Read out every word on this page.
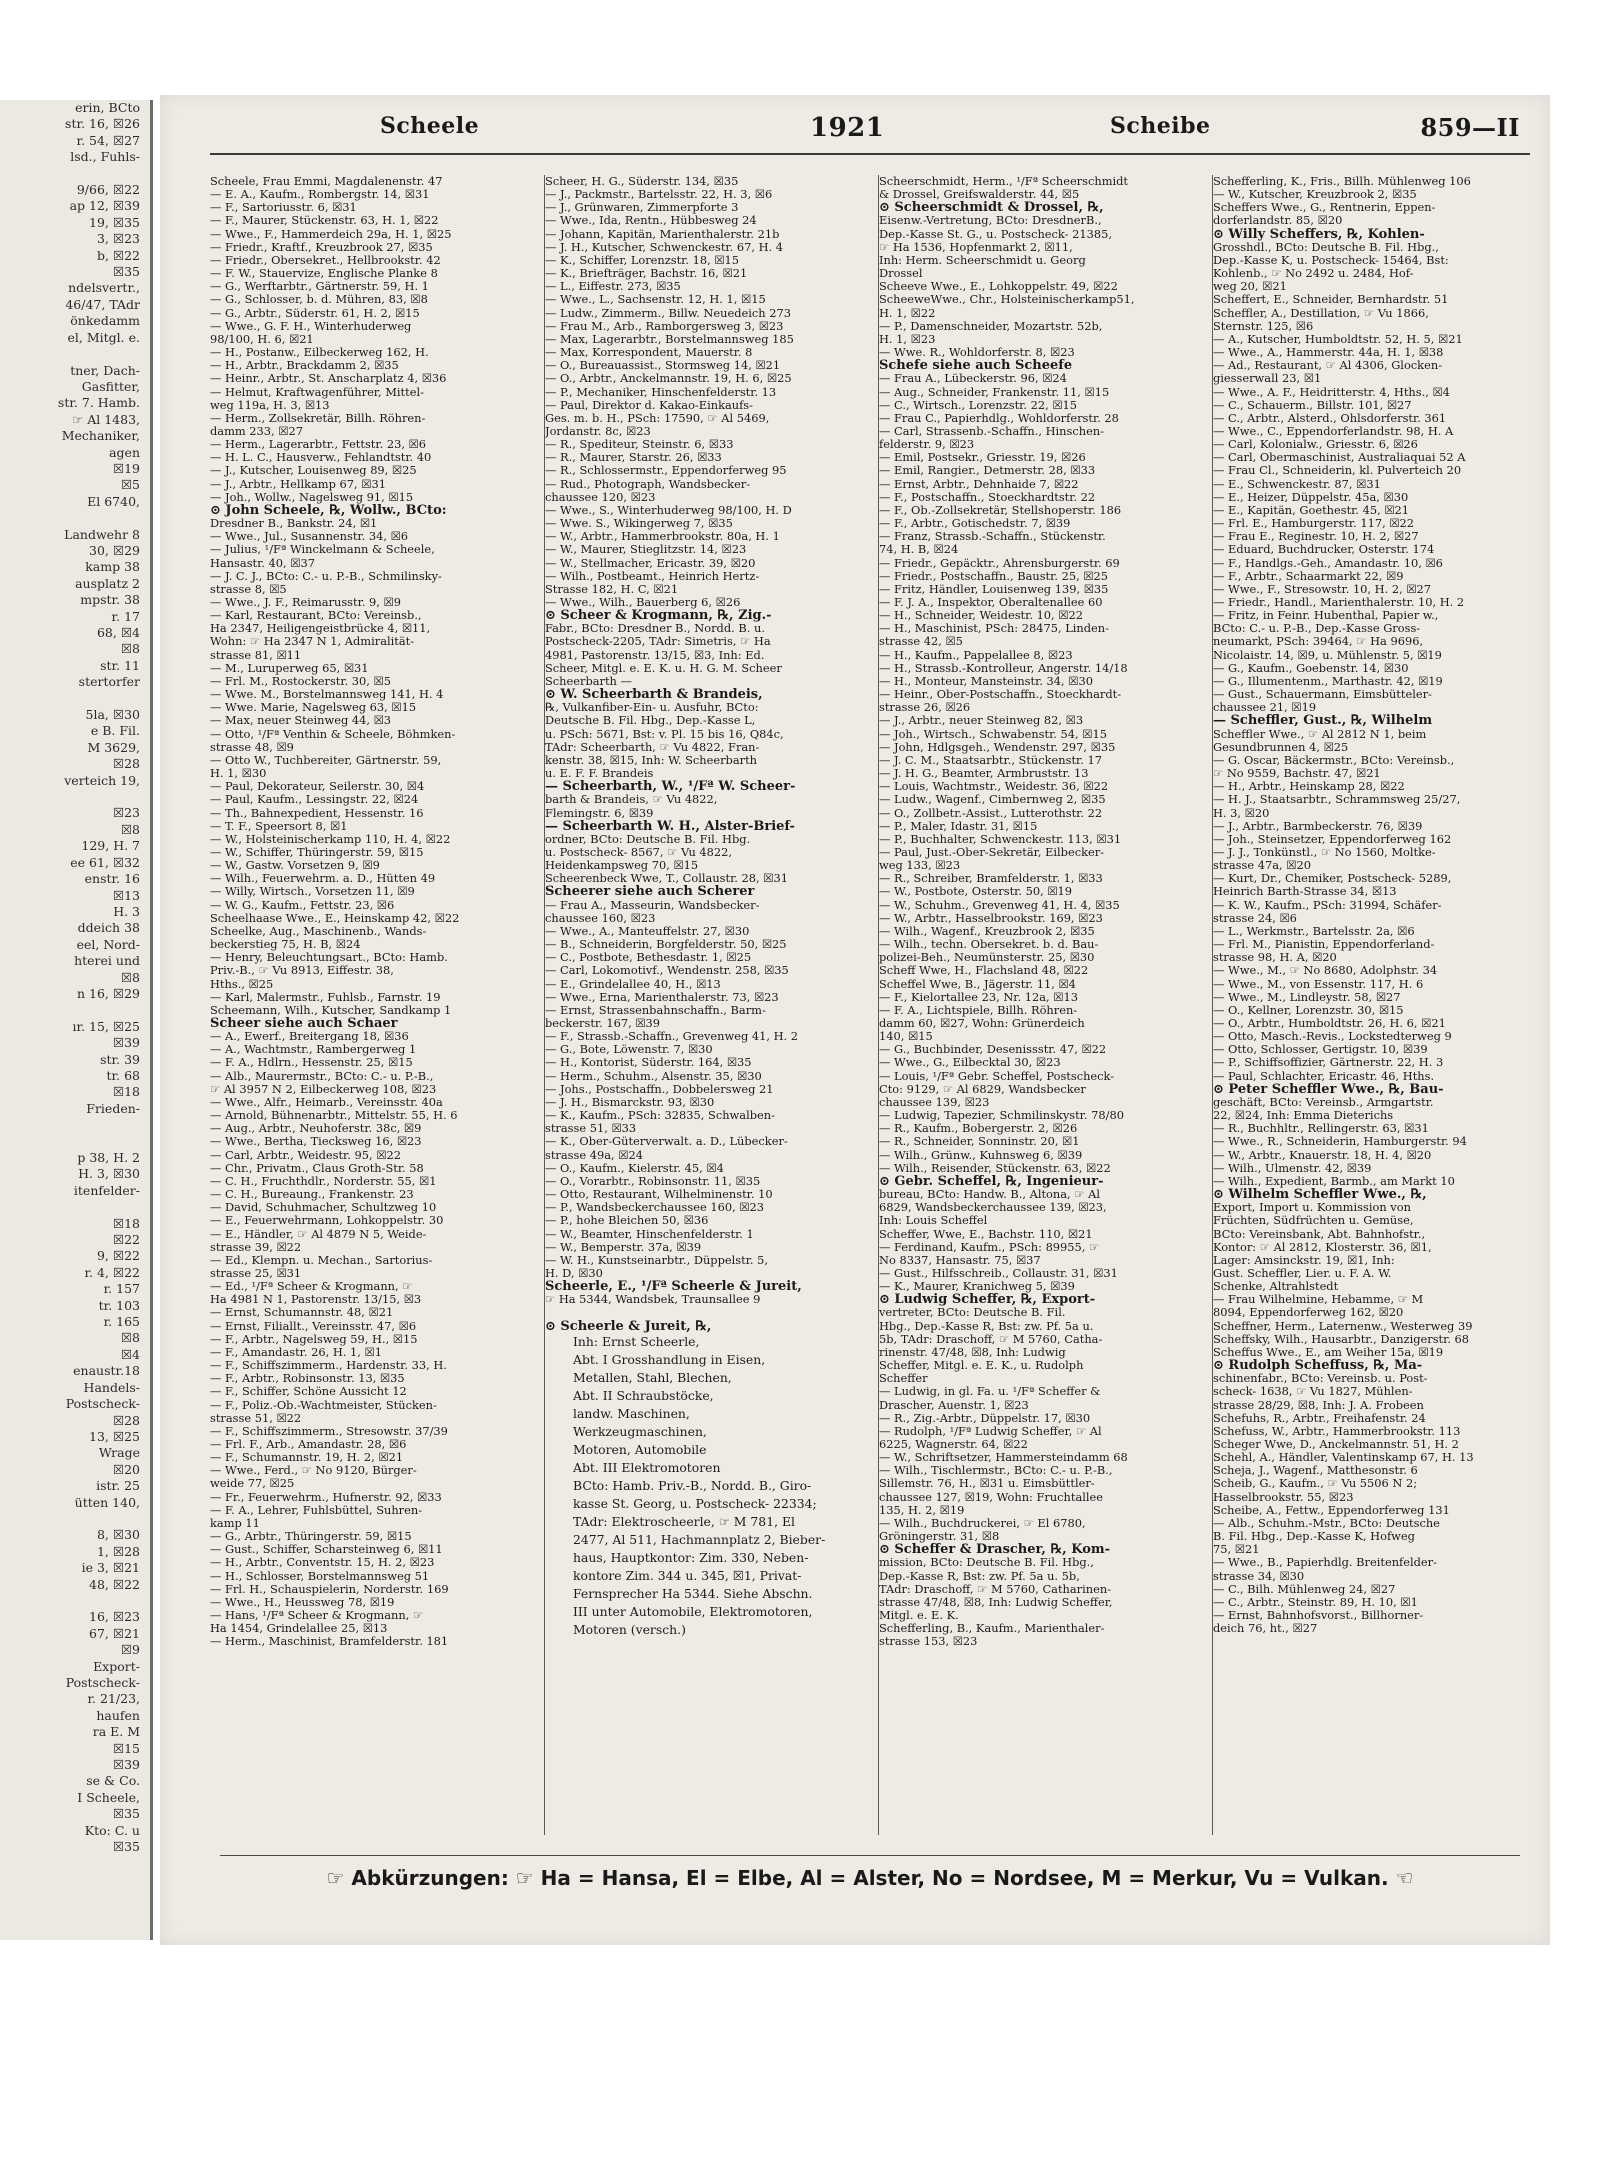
erin, BCto
str. 16, ☒26
r. 54, ☒27
lsd., Fuhls-

9/66, ☒22
ap 12, ☒39
19, ☒35
3, ☒23
b, ☒22
☒35
ndelsvertr.,
46/47, TAdr
önkedamm
el, Mitgl. e.

tner, Dach-
Gasfitter,
str. 7. Hamb.
☞ Al 1483,
Mechaniker,
agen
☒19
☒5
El 6740,

Landwehr 8
30, ☒29
kamp 38
ausplatz 2
mpstr. 38
r. 17
68, ☒4
☒8
str. 11
stertorfer

5la, ☒30
e B. Fil.
M 3629,
☒28
verteich 19,

☒23
☒8
129, H. 7
ee 61, ☒32
enstr. 16
☒13
H. 3
ddeich 38
eel, Nord-
hterei und
☒8
n 16, ☒29

ır. 15, ☒25
☒39
str. 39
tr. 68
☒18
Frieden-

p 38, H. 2
H. 3, ☒30
itenfelder-

☒18
☒22
9, ☒22
r. 4, ☒22
r. 157
tr. 103
r. 165
☒8
☒4
enaustr.18
Handels-
Postscheck-
☒28
13, ☒25
Wrage
☒20
istr. 25
ütten 140,

8, ☒30
1, ☒28
ie 3, ☒21
48, ☒22

16, ☒23
67, ☒21
☒9
Export-
Postscheck-
r. 21/23,
haufen
ra E. M
☒15
☒39
se & Co.
I Scheele,
☒35
Kto: C. u
☒35
Scheele	1921	Scheibe	859—II
Scheele, Frau Emmi, Magdalenenstr. 47
— E. A., Kaufm., Rombergstr. 14, ☒31
— F., Sartoriusstr. 6, ☒31
— F., Maurer, Stückenstr. 63, H. 1, ☒22
— Wwe., F., Hammerdeich 29a, H. 1, ☒25
— Friedr., Kraftf., Kreuzbrook 27, ☒35
— Friedr., Obersekret., Hellbrookstr. 42
— F. W., Stauervize, Englische Planke 8
— G., Werftarbtr., Gärtnerstr. 59, H. 1
— G., Schlosser, b. d. Mühren, 83, ☒8
— G., Arbtr., Süderstr. 61, H. 2, ☒15
— Wwe., G. F. H., Winterhuderweg
98/100, H. 6, ☒21
— H., Postanw., Eilbeckerweg 162, H.
— H., Arbtr., Brackdamm 2, ☒35
— Heinr., Arbtr., St. Anscharplatz 4, ☒36
— Helmut, Kraftwagenführer, Mittel-
weg 119a, H. 3, ☒13
— Herm., Zollsekretär, Billh. Röhren-
damm 233, ☒27
— Herm., Lagerarbtr., Fettstr. 23, ☒6
— H. L. C., Hausverw., Fehlandtstr. 40
— J., Kutscher, Louisenweg 89, ☒25
— J., Arbtr., Hellkamp 67, ☒31
— Joh., Wollw., Nagelsweg 91, ☒15
⊙ John Scheele, ℞, Wollw., BCto:
Dresdner B., Bankstr. 24, ☒1
— Wwe., Jul., Susannenstr. 34, ☒6
— Julius, ¹/Fª Winckelmann & Scheele,
Hansastr. 40, ☒37
— J. C. J., BCto: C.- u. P.-B., Schmilinsky-
strasse 8, ☒5
— Wwe., J. F., Reimarusstr. 9, ☒9
— Karl, Restaurant, BCto: Vereinsb.,
Ha 2347, Heiligengeistbrücke 4, ☒11,
Wohn: ☞ Ha 2347 N 1, Admiralität-
strasse 81, ☒11
— M., Luruperweg 65, ☒31
— Frl. M., Rostockerstr. 30, ☒5
— Wwe. M., Borstelmannsweg 141, H. 4
— Wwe. Marie, Nagelsweg 63, ☒15
— Max, neuer Steinweg 44, ☒3
— Otto, ¹/Fª Venthin & Scheele, Böhmken-
strasse 48, ☒9
— Otto W., Tuchbereiter, Gärtnerstr. 59,
H. 1, ☒30
— Paul, Dekorateur, Seilerstr. 30, ☒4
— Paul, Kaufm., Lessingstr. 22, ☒24
— Th., Bahnexpedient, Hessenstr. 16
— T. F., Speersort 8, ☒1
— W., Holsteinischerkamp 110, H. 4, ☒22
— W., Schiffer, Thüringerstr. 59, ☒15
— W., Gastw. Vorsetzen 9, ☒9
— Wilh., Feuerwehrm. a. D., Hütten 49
— Willy, Wirtsch., Vorsetzen 11, ☒9
— W. G., Kaufm., Fettstr. 23, ☒6
Scheelhaase Wwe., E., Heinskamp 42, ☒22
Scheelke, Aug., Maschinenb., Wands-
beckerstieg 75, H. B, ☒24
— Henry, Beleuchtungsart., BCto: Hamb.
Priv.-B., ☞ Vu 8913, Eiffestr. 38,
Hths., ☒25
— Karl, Malermstr., Fuhlsb., Farnstr. 19
Scheemann, Wilh., Kutscher, Sandkamp 1
Scheer siehe auch Schaer
— A., Ewerf., Breitergang 18, ☒36
— A., Wachtmstr., Rambergerweg 1
— F. A., Hdlrn., Hessenstr. 25, ☒15
— Alb., Maurermstr., BCto: C.- u. P.-B.,
☞ Al 3957 N 2, Eilbeckerweg 108, ☒23
— Wwe., Alfr., Heimarb., Vereinsstr. 40a
— Arnold, Bühnenarbtr., Mittelstr. 55, H. 6
— Aug., Arbtr., Neuhoferstr. 38c, ☒9
— Wwe., Bertha, Tiecksweg 16, ☒23
— Carl, Arbtr., Weidestr. 95, ☒22
— Chr., Privatm., Claus Groth-Str. 58
— C. H., Fruchthdlr., Norderstr. 55, ☒1
— C. H., Bureaung., Frankenstr. 23
— David, Schuhmacher, Schultzweg 10
— E., Feuerwehrmann, Lohkoppelstr. 30
— E., Händler, ☞ Al 4879 N 5, Weide-
strasse 39, ☒22
— Ed., Klempn. u. Mechan., Sartorius-
strasse 25, ☒31
— Ed., ¹/Fª Scheer & Krogmann, ☞
Ha 4981 N 1, Pastorenstr. 13/15, ☒3
— Ernst, Schumannstr. 48, ☒21
— Ernst, Filiallt., Vereinsstr. 47, ☒6
— F., Arbtr., Nagelsweg 59, H., ☒15
— F., Amandastr. 26, H. 1, ☒1
— F., Schiffszimmerm., Hardenstr. 33, H.
— F., Arbtr., Robinsonstr. 13, ☒35
— F., Schiffer, Schöne Aussicht 12
— F., Poliz.-Ob.-Wachtmeister, Stücken-
strasse 51, ☒22
— F., Schiffszimmerm., Stresowstr. 37/39
— Frl. F., Arb., Amandastr. 28, ☒6
— F., Schumannstr. 19, H. 2, ☒21
— Wwe., Ferd., ☞ No 9120, Bürger-
weide 77, ☒25
— Fr., Feuerwehrm., Hufnerstr. 92, ☒33
— F. A., Lehrer, Fuhlsbüttel, Suhren-
kamp 11
— G., Arbtr., Thüringerstr. 59, ☒15
— Gust., Schiffer, Scharsteinweg 6, ☒11
— H., Arbtr., Conventstr. 15, H. 2, ☒23
— H., Schlosser, Borstelmannsweg 51
— Frl. H., Schauspielerin, Norderstr. 169
— Wwe., H., Heussweg 78, ☒19
— Hans, ¹/Fª Scheer & Krogmann, ☞
Ha 1454, Grindelallee 25, ☒13
— Herm., Maschinist, Bramfelderstr. 181
Scheer, H. G., Süderstr. 134, ☒35
— J., Packmstr., Bartelsstr. 22, H. 3, ☒6
— J., Grünwaren, Zimmerpforte 3
— Wwe., Ida, Rentn., Hübbesweg 24
— Johann, Kapitän, Marienthalerstr. 21b
— J. H., Kutscher, Schwenckestr. 67, H. 4
— K., Schiffer, Lorenzstr. 18, ☒15
— K., Briefträger, Bachstr. 16, ☒21
— L., Eiffestr. 273, ☒35
— Wwe., L., Sachsenstr. 12, H. 1, ☒15
— Ludw., Zimmerm., Billw. Neuedeich 273
— Frau M., Arb., Ramborgersweg 3, ☒23
— Max, Lagerarbtr., Borstelmannsweg 185
— Max, Korrespondent, Mauerstr. 8
— O., Bureauassist., Stormsweg 14, ☒21
— O., Arbtr., Anckelmannstr. 19, H. 6, ☒25
— P., Mechaniker, Hinschenfelderstr. 13
— Paul, Direktor d. Kakao-Einkaufs-
Ges. m. b. H., PSch: 17590, ☞ Al 5469,
Jordanstr. 8c, ☒23
— R., Spediteur, Steinstr. 6, ☒33
— R., Maurer, Starstr. 26, ☒33
— R., Schlossermstr., Eppendorferweg 95
— Rud., Photograph, Wandsbecker-
chaussee 120, ☒23
— Wwe., S., Winterhuderweg 98/100, H. D
— Wwe. S., Wikingerweg 7, ☒35
— W., Arbtr., Hammerbrookstr. 80a, H. 1
— W., Maurer, Stieglitzstr. 14, ☒23
— W., Stellmacher, Ericastr. 39, ☒20
— Wilh., Postbeamt., Heinrich Hertz-
Strasse 182, H. C, ☒21
— Wwe., Wilh., Bauerberg 6, ☒26
⊙ Scheer & Krogmann, ℞, Zig.-
Fabr., BCto: Dresdner B., Nordd. B. u.
Postscheck-2205, TAdr: Simetris, ☞ Ha
4981, Pastorenstr. 13/15, ☒3, Inh: Ed.
Scheer, Mitgl. e. E. K. u. H. G. M. Scheer
Scheerbarth —
⊙ W. Scheerbarth & Brandeis,
℞, Vulkanfiber-Ein- u. Ausfuhr, BCto:
Deutsche B. Fil. Hbg., Dep.-Kasse L,
u. PSch: 5671, Bst: v. Pl. 15 bis 16, Q84c,
TAdr: Scheerbarth, ☞ Vu 4822, Fran-
kenstr. 38, ☒15, Inh: W. Scheerbarth
u. E. F. F. Brandeis
— Scheerbarth, W., ¹/Fª W. Scheer-
barth & Brandeis, ☞ Vu 4822,
Flemingstr. 6, ☒39
— Scheerbarth W. H., Alster-Brief-
ordner, BCto: Deutsche B. Fil. Hbg.
u. Postscheck- 8567, ☞ Vu 4822,
Heidenkampsweg 70, ☒15
Scheerenbeck Wwe, T., Collaustr. 28, ☒31
Scheerer siehe auch Scherer
— Frau A., Masseurin, Wandsbecker-
chaussee 160, ☒23
— Wwe., A., Manteuffelstr. 27, ☒30
— B., Schneiderin, Borgfelderstr. 50, ☒25
— C., Postbote, Bethesdastr. 1, ☒25
— Carl, Lokomotivf., Wendenstr. 258, ☒35
— E., Grindelallee 40, H., ☒13
— Wwe., Erna, Marienthalerstr. 73, ☒23
— Ernst, Strassenbahnschaffn., Barm-
beckerstr. 167, ☒39
— F., Strassb.-Schaffn., Grevenweg 41, H. 2
— G., Bote, Löwenstr. 7, ☒30
— H., Kontorist, Süderstr. 164, ☒35
— Herm., Schuhm., Alsenstr. 35, ☒30
— Johs., Postschaffn., Dobbelersweg 21
— J. H., Bismarckstr. 93, ☒30
— K., Kaufm., PSch: 32835, Schwalben-
strasse 51, ☒33
— K., Ober-Güterverwalt. a. D., Lübecker-
strasse 49a, ☒24
— O., Kaufm., Kielerstr. 45, ☒4
— O., Vorarbtr., Robinsonstr. 11, ☒35
— Otto, Restaurant, Wilhelminenstr. 10
— P., Wandsbeckerchaussee 160, ☒23
— P., hohe Bleichen 50, ☒36
— W., Beamter, Hinschenfelderstr. 1
— W., Bemperstr. 37a, ☒39
— W. H., Kunstseinarbtr., Düppelstr. 5,
H. D, ☒30
Scheerle, E., ¹/Fª Scheerle & Jureit,
☞ Ha 5344, Wandsbek, Traunsallee 9

⊙ Scheerle & Jureit, ℞,
Inh: Ernst Scheerle,
Abt. I Grosshandlung in Eisen,
Metallen, Stahl, Blechen,
Abt. II Schraubstöcke,
landw. Maschinen,
Werkzeugmaschinen,
Motoren, Automobile
Abt. III Elektromotoren
BCto: Hamb. Priv.-B., Nordd. B., Giro-
kasse St. Georg, u. Postscheck- 22334;
TAdr: Elektroscheerle, ☞ M 781, El
2477, Al 511, Hachmannplatz 2, Bieber-
haus, Hauptkontor: Zim. 330, Neben-
kontore Zim. 344 u. 345, ☒1, Privat-
Fernsprecher Ha 5344. Siehe Abschn.
III unter Automobile, Elektromotoren,
Motoren (versch.)
Scheerschmidt, Herm., ¹/Fª Scheerschmidt
& Drossel, Greifswalderstr. 44, ☒5
⊙ Scheerschmidt & Drossel, ℞,
Eisenw.-Vertretung, BCto: DresdnerB.,
Dep.-Kasse St. G., u. Postscheck- 21385,
☞ Ha 1536, Hopfenmarkt 2, ☒11,
Inh: Herm. Scheerschmidt u. Georg
Drossel
Scheeve Wwe., E., Lohkoppelstr. 49, ☒22
ScheeweWwe., Chr., Holsteinischerkamp51,
H. 1, ☒22
— P., Damenschneider, Mozartstr. 52b,
H. 1, ☒23
— Wwe. R., Wohldorferstr. 8, ☒23
Schefe siehe auch Scheefe
— Frau A., Lübeckerstr. 96, ☒24
— Aug., Schneider, Frankenstr. 11, ☒15
— C., Wirtsch., Lorenzstr. 22, ☒15
— Frau C., Papierhdlg., Wohldorferstr. 28
— Carl, Strassenb.-Schaffn., Hinschen-
felderstr. 9, ☒23
— Emil, Postsekr., Griesstr. 19, ☒26
— Emil, Rangier., Detmerstr. 28, ☒33
— Ernst, Arbtr., Dehnhaide 7, ☒22
— F., Postschaffn., Stoeckhardtstr. 22
— F., Ob.-Zollsekretär, Stellshoperstr. 186
— F., Arbtr., Gotischedstr. 7, ☒39
— Franz, Strassb.-Schaffn., Stückenstr.
74, H. B, ☒24
— Friedr., Gepäcktr., Ahrensburgerstr. 69
— Friedr., Postschaffn., Baustr. 25, ☒25
— Fritz, Händler, Louisenweg 139, ☒35
— F. J. A., Inspektor, Oberaltenallee 60
— H., Schneider, Weidestr. 10, ☒22
— H., Maschinist, PSch: 28475, Linden-
strasse 42, ☒5
— H., Kaufm., Pappelallee 8, ☒23
— H., Strassb.-Kontrolleur, Angerstr. 14/18
— H., Monteur, Mansteinstr. 34, ☒30
— Heinr., Ober-Postschaffn., Stoeckhardt-
strasse 26, ☒26
— J., Arbtr., neuer Steinweg 82, ☒3
— Joh., Wirtsch., Schwabenstr. 54, ☒15
— John, Hdlgsgeh., Wendenstr. 297, ☒35
— J. C. M., Staatsarbtr., Stückenstr. 17
— J. H. G., Beamter, Armbruststr. 13
— Louis, Wachtmstr., Weidestr. 36, ☒22
— Ludw., Wagenf., Cimbernweg 2, ☒35
— O., Zollbetr.-Assist., Lutterothstr. 22
— P., Maler, Idastr. 31, ☒15
— P., Buchhalter, Schwenckestr. 113, ☒31
— Paul, Just.-Ober-Sekretär, Eilbecker-
weg 133, ☒23
— R., Schreiber, Bramfelderstr. 1, ☒33
— W., Postbote, Osterstr. 50, ☒19
— W., Schuhm., Grevenweg 41, H. 4, ☒35
— W., Arbtr., Hasselbrookstr. 169, ☒23
— Wilh., Wagenf., Kreuzbrook 2, ☒35
— Wilh., techn. Obersekret. b. d. Bau-
polizei-Beh., Neumünsterstr. 25, ☒30
Scheff Wwe, H., Flachsland 48, ☒22
Scheffel Wwe, B., Jägerstr. 11, ☒4
— F., Kielortallee 23, Nr. 12a, ☒13
— F. A., Lichtspiele, Billh. Röhren-
damm 60, ☒27, Wohn: Grünerdeich
140, ☒15
— G., Buchbinder, Desenissstr. 47, ☒22
— Wwe., G., Eilbecktal 30, ☒23
— Louis, ¹/Fª Gebr. Scheffel, Postscheck-
Cto: 9129, ☞ Al 6829, Wandsbecker
chaussee 139, ☒23
— Ludwig, Tapezier, Schmilinskystr. 78/80
— R., Kaufm., Bobergerstr. 2, ☒26
— R., Schneider, Sonninstr. 20, ☒1
— Wilh., Grünw., Kuhnsweg 6, ☒39
— Wilh., Reisender, Stückenstr. 63, ☒22
⊙ Gebr. Scheffel, ℞, Ingenieur-
bureau, BCto: Handw. B., Altona, ☞ Al
6829, Wandsbeckerchaussee 139, ☒23,
Inh: Louis Scheffel
Scheffer, Wwe, E., Bachstr. 110, ☒21
— Ferdinand, Kaufm., PSch: 89955, ☞
No 8337, Hansastr. 75, ☒37
— Gust., Hilfsschreib., Collaustr. 31, ☒31
— K., Maurer, Kranichweg 5, ☒39
⊙ Ludwig Scheffer, ℞, Export-
vertreter, BCto: Deutsche B. Fil.
Hbg., Dep.-Kasse R, Bst: zw. Pf. 5a u.
5b, TAdr: Draschoff, ☞ M 5760, Catha-
rinenstr. 47/48, ☒8, Inh: Ludwig
Scheffer, Mitgl. e. E. K., u. Rudolph
Scheffer
— Ludwig, in gl. Fa. u. ¹/Fª Scheffer &
Drascher, Auenstr. 1, ☒23
— R., Zig.-Arbtr., Düppelstr. 17, ☒30
— Rudolph, ¹/Fª Ludwig Scheffer, ☞ Al
6225, Wagnerstr. 64, ☒22
— W., Schriftsetzer, Hammersteindamm 68
— Wilh., Tischlermstr., BCto: C.- u. P.-B.,
Sillemstr. 76, H., ☒31 u. Eimsbüttler-
chaussee 127, ☒19, Wohn: Fruchtallee
135, H. 2, ☒19
— Wilh., Buchdruckerei, ☞ El 6780,
Gröningerstr. 31, ☒8
⊙ Scheffer & Drascher, ℞, Kom-
mission, BCto: Deutsche B. Fil. Hbg.,
Dep.-Kasse R, Bst: zw. Pf. 5a u. 5b,
TAdr: Draschoff, ☞ M 5760, Catharinen-
strasse 47/48, ☒8, Inh: Ludwig Scheffer,
Mitgl. e. E. K.
Schefferling, B., Kaufm., Marienthaler-
strasse 153, ☒23
Schefferling, K., Fris., Billh. Mühlenweg 106
— W., Kutscher, Kreuzbrook 2, ☒35
Scheffers Wwe., G., Rentnerin, Eppen-
dorferlandstr. 85, ☒20
⊙ Willy Scheffers, ℞, Kohlen-
Grosshdl., BCto: Deutsche B. Fil. Hbg.,
Dep.-Kasse K, u. Postscheck- 15464, Bst:
Kohlenb., ☞ No 2492 u. 2484, Hof-
weg 20, ☒21
Scheffert, E., Schneider, Bernhardstr. 51
Scheffler, A., Destillation, ☞ Vu 1866,
Sternstr. 125, ☒6
— A., Kutscher, Humboldtstr. 52, H. 5, ☒21
— Wwe., A., Hammerstr. 44a, H. 1, ☒38
— Ad., Restaurant, ☞ Al 4306, Glocken-
giesserwall 23, ☒1
— Wwe., A. F., Heidritterstr. 4, Hths., ☒4
— C., Schauerm., Billstr. 101, ☒27
— C., Arbtr., Alsterd., Ohlsdorferstr. 361
— Wwe., C., Eppendorferlandstr. 98, H. A
— Carl, Kolonialw., Griesstr. 6, ☒26
— Carl, Obermaschinist, Australiaquai 52 A
— Frau Cl., Schneiderin, kl. Pulverteich 20
— E., Schwenckestr. 87, ☒31
— E., Heizer, Düppelstr. 45a, ☒30
— E., Kapitän, Goethestr. 45, ☒21
— Frl. E., Hamburgerstr. 117, ☒22
— Frau E., Reginestr. 10, H. 2, ☒27
— Eduard, Buchdrucker, Osterstr. 174
— F., Handlgs.-Geh., Amandastr. 10, ☒6
— F., Arbtr., Schaarmarkt 22, ☒9
— Wwe., F., Stresowstr. 10, H. 2, ☒27
— Friedr., Handl., Marienthalerstr. 10, H. 2
— Fritz, in Feinr. Hubenthal, Papier w.,
BCto: C.- u. P.-B., Dep.-Kasse Gross-
neumarkt, PSch: 39464, ☞ Ha 9696,
Nicolaistr. 14, ☒9, u. Mühlenstr. 5, ☒19
— G., Kaufm., Goebenstr. 14, ☒30
— G., Illumentenm., Marthastr. 42, ☒19
— Gust., Schauermann, Eimsbütteler-
chaussee 21, ☒19
— Scheffler, Gust., ℞, Wilhelm
Scheffler Wwe., ☞ Al 2812 N 1, beim
Gesundbrunnen 4, ☒25
— G. Oscar, Bäckermstr., BCto: Vereinsb.,
☞ No 9559, Bachstr. 47, ☒21
— H., Arbtr., Heinskamp 28, ☒22
— H. J., Staatsarbtr., Schrammsweg 25/27,
H. 3, ☒20
— J., Arbtr., Barmbeckerstr. 76, ☒39
— Joh., Steinsetzer, Eppendorferweg 162
— J. J., Tonkünstl., ☞ No 1560, Moltke-
strasse 47a, ☒20
— Kurt, Dr., Chemiker, Postscheck- 5289,
Heinrich Barth-Strasse 34, ☒13
— K. W., Kaufm., PSch: 31994, Schäfer-
strasse 24, ☒6
— L., Werkmstr., Bartelsstr. 2a, ☒6
— Frl. M., Pianistin, Eppendorferland-
strasse 98, H. A, ☒20
— Wwe., M., ☞ No 8680, Adolphstr. 34
— Wwe., M., von Essenstr. 117, H. 6
— Wwe., M., Lindleystr. 58, ☒27
— O., Kellner, Lorenzstr. 30, ☒15
— O., Arbtr., Humboldtstr. 26, H. 6, ☒21
— Otto, Masch.-Revis., Lockstedterweg 9
— Otto, Schlosser, Gertigstr. 10, ☒39
— P., Schiffsoffizier, Gärtnerstr. 22, H. 3
— Paul, Schlachter, Ericastr. 46, Hths.
⊙ Peter Scheffler Wwe., ℞, Bau-
geschäft, BCto: Vereinsb., Armgartstr.
22, ☒24, Inh: Emma Dieterichs
— R., Buchhltr., Rellingerstr. 63, ☒31
— Wwe., R., Schneiderin, Hamburgerstr. 94
— W., Arbtr., Knauerstr. 18, H. 4, ☒20
— Wilh., Ulmenstr. 42, ☒39
— Wilh., Expedient, Barmb., am Markt 10
⊙ Wilhelm Scheffler Wwe., ℞,
Export, Import u. Kommission von
Früchten, Südfrüchten u. Gemüse,
BCto: Vereinsbank, Abt. Bahnhofstr.,
Kontor: ☞ Al 2812, Klosterstr. 36, ☒1,
Lager: Amsinckstr. 19, ☒1, Inh:
Gust. Scheffler, Lier. u. F. A. W.
Schenke, Altrahlstedt
— Frau Wilhelmine, Hebamme, ☞ M
8094, Eppendorferweg 162, ☒20
Scheffner, Herm., Laternenw., Westerweg 39
Scheffsky, Wilh., Hausarbtr., Danzigerstr. 68
Scheffus Wwe., E., am Weiher 15a, ☒19
⊙ Rudolph Scheffuss, ℞, Ma-
schinenfabr., BCto: Vereinsb. u. Post-
scheck- 1638, ☞ Vu 1827, Mühlen-
strasse 28/29, ☒8, Inh: J. A. Frobeen
Schefuhs, R., Arbtr., Freihafenstr. 24
Schefuss, W., Arbtr., Hammerbrookstr. 113
Scheger Wwe, D., Anckelmannstr. 51, H. 2
Schehl, A., Händler, Valentinskamp 67, H. 13
Scheja, J., Wagenf., Matthesonstr. 6
Scheib, G., Kaufm., ☞ Vu 5506 N 2;
Hasselbrookstr. 55, ☒23
Scheibe, A., Fettw., Eppendorferweg 131
— Alb., Schuhm.-Mstr., BCto: Deutsche
B. Fil. Hbg., Dep.-Kasse K, Hofweg
75, ☒21
— Wwe., B., Papierhdlg. Breitenfelder-
strasse 34, ☒30
— C., Bilh. Mühlenweg 24, ☒27
— C., Arbtr., Steinstr. 89, H. 10, ☒1
— Ernst, Bahnhofsvorst., Billhorner-
deich 76, ht., ☒27
☞ Abkürzungen: ☞ Ha = Hansa, El = Elbe, Al = Alster, No = Nordsee, M = Merkur, Vu = Vulkan. ☜
